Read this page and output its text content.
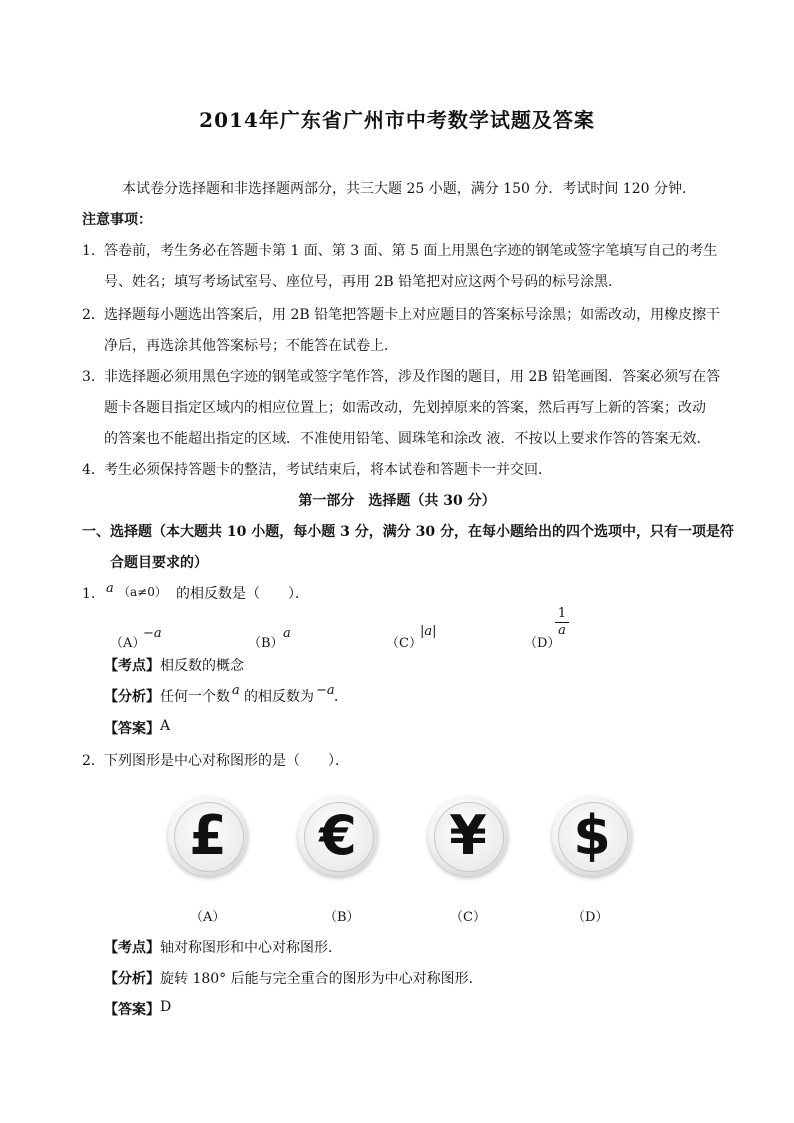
2014年广东省广州市中考数学试题及答案
本试卷分选择题和非选择题两部分，共三大题 25 小题，满分 150 分．考试时间 120 分钟．
注意事项：
1． 答卷前，考生务必在答题卡第 1 面、第 3 面、第 5 面上用黑色字迹的钢笔或签字笔填写自己的考生
号、姓名；填写考场试室号、座位号，再用 2B 铅笔把对应这两个号码的标号涂黑．
2． 选择题每小题选出答案后，用 2B 铅笔把答题卡上对应题目的答案标号涂黑；如需改动，用橡皮擦干
净后，再选涂其他答案标号；不能答在试卷上．
3． 非选择题必须用黑色字迹的钢笔或签字笔作答，涉及作图的题目，用 2B 铅笔画图．答案必须写在答
题卡各题目指定区域内的相应位置上；如需改动，先划掉原来的答案，然后再写上新的答案；改动
的答案也不能超出指定的区域．不准使用铅笔、圆珠笔和涂改 液．不按以上要求作答的答案无效．
4． 考生必须保持答题卡的整洁，考试结束后，将本试卷和答题卡一并交回．
第一部分　选择题（共 30 分）
一、选择题（本大题共 10 小题，每小题 3 分，满分 30 分，在每小题给出的四个选项中，只有一项是符
合题目要求的）
1． a （a≠0） 的相反数是（　　）．
（A）
−a
（B）
a
（C）
|a|
（D）
$\frac{1}{a}$
【考点】 相反数的概念
【分析】 任何一个数 a 的相反数为 −a ．
【答案】 A
2． 下列图形是中心对称图形的是（　　）．
£	€	¥	$
（A）	（B）	（C）	（D）
【考点】 轴对称图形和中心对称图形．
【分析】 旋转 180° 后能与完全重合的图形为中心对称图形．
【答案】 D
